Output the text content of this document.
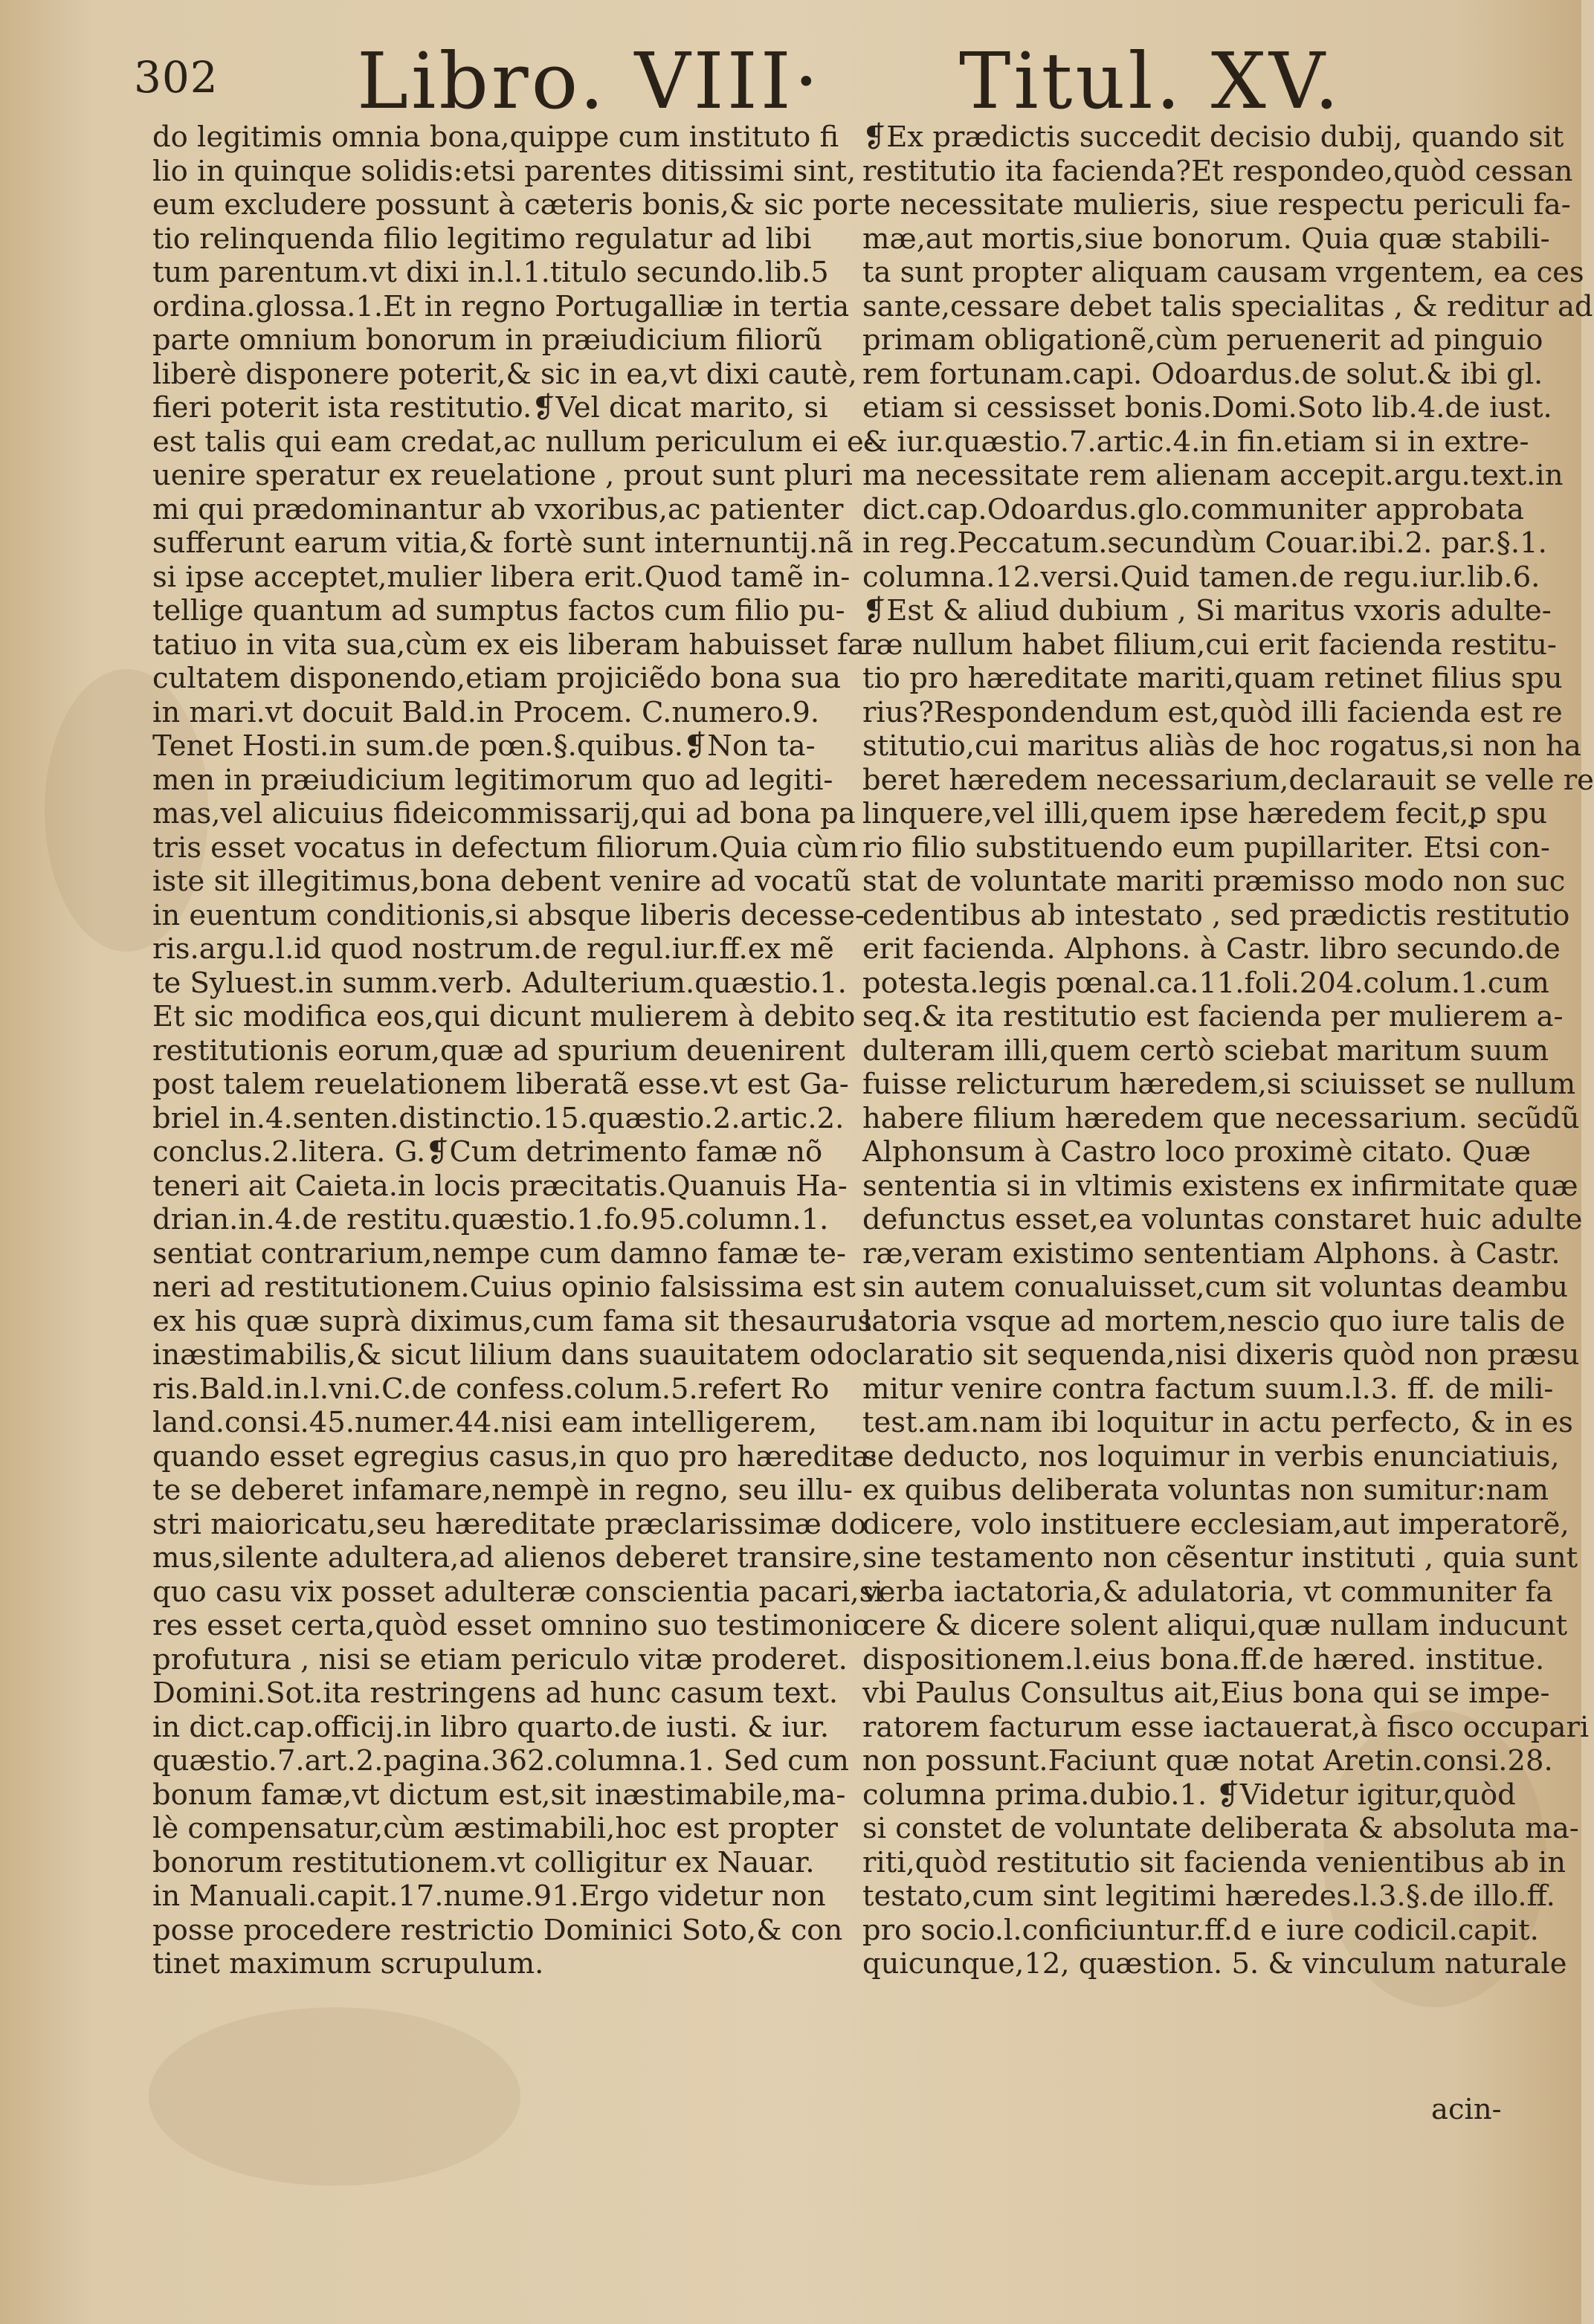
302 Libro. VIII· Titul. XV.
do legitimis omnia bona,quippe cum instituto fi
lio in quinque solidis:etsi parentes ditissimi sint,
eum excludere possunt à cæteris bonis,& sic por
tio relinquenda filio legitimo regulatur ad libi
tum parentum.vt dixi in.l.1.titulo secundo.lib.5
ordina.glossa.1.Et in regno Portugalliæ in tertia
parte omnium bonorum in præiudicium filiorũ
liberè disponere poterit,& sic in ea,vt dixi cautè,
fieri poterit ista restitutio.❡Vel dicat marito, si
est talis qui eam credat,ac nullum periculum ei e-
uenire speratur ex reuelatione , prout sunt pluri
mi qui prædominantur ab vxoribus,ac patienter
sufferunt earum vitia,& fortè sunt internuntij.nã
si ipse acceptet,mulier libera erit.Quod tamẽ in-
tellige quantum ad sumptus factos cum filio pu-
tatiuo in vita sua,cùm ex eis liberam habuisset fa
cultatem disponendo,etiam projiciẽdo bona sua
in mari.vt docuit Bald.in Procem. C.numero.9.
Tenet Hosti.in sum.de pœn.§.quibus.❡Non ta-
men in præiudicium legitimorum quo ad legiti-
mas,vel alicuius fideicommissarij,qui ad bona pa
tris esset vocatus in defectum filiorum.Quia cùm
iste sit illegitimus,bona debent venire ad vocatũ
in euentum conditionis,si absque liberis decesse-
ris.argu.l.id quod nostrum.de regul.iur.ff.ex mẽ
te Syluest.in summ.verb. Adulterium.quæstio.1.
Et sic modifica eos,qui dicunt mulierem à debito
restitutionis eorum,quæ ad spurium deuenirent
post talem reuelationem liberatã esse.vt est Ga-
briel in.4.senten.distinctio.15.quæstio.2.artic.2.
conclus.2.litera. G.❡Cum detrimento famæ nõ
teneri ait Caieta.in locis præcitatis.Quanuis Ha-
drian.in.4.de restitu.quæstio.1.fo.95.column.1.
sentiat contrarium,nempe cum damno famæ te-
neri ad restitutionem.Cuius opinio falsissima est
ex his quæ suprà diximus,cum fama sit thesaurus
inæstimabilis,& sicut lilium dans suauitatem odo
ris.Bald.in.l.vni.C.de confess.colum.5.refert Ro
land.consi.45.numer.44.nisi eam intelligerem,
quando esset egregius casus,in quo pro hæredita·
te se deberet infamare,nempè in regno, seu illu-
stri maioricatu,seu hæreditate præclarissimæ do
mus,silente adultera,ad alienos deberet transire,
quo casu vix posset adulteræ conscientia pacari,si
res esset certa,quòd esset omnino suo testimonio
profutura , nisi se etiam periculo vitæ proderet.
Domini.Sot.ita restringens ad hunc casum text.
in dict.cap.officij.in libro quarto.de iusti. & iur.
quæstio.7.art.2.pagina.362.columna.1. Sed cum
bonum famæ,vt dictum est,sit inæstimabile,ma-
lè compensatur,cùm æstimabili,hoc est propter
bonorum restitutionem.vt colligitur ex Nauar.
in Manuali.capit.17.nume.91.Ergo videtur non
posse procedere restrictio Dominici Soto,& con
tinet maximum scrupulum.
❡Ex prædictis succedit decisio dubij, quando sit
restitutio ita facienda?Et respondeo,quòd cessan
te necessitate mulieris, siue respectu periculi fa-
mæ,aut mortis,siue bonorum. Quia quæ stabili-
ta sunt propter aliquam causam vrgentem, ea ces
sante,cessare debet talis specialitas , & reditur ad
primam obligationẽ,cùm peruenerit ad pinguio
rem fortunam.capi. Odoardus.de solut.& ibi gl.
etiam si cessisset bonis.Domi.Soto lib.4.de iust.
& iur.quæstio.7.artic.4.in fin.etiam si in extre-
ma necessitate rem alienam accepit.argu.text.in
dict.cap.Odoardus.glo.communiter approbata
in reg.Peccatum.secundùm Couar.ibi.2. par.§.1.
columna.12.versi.Quid tamen.de regu.iur.lib.6.
❡Est & aliud dubium , Si maritus vxoris adulte-
ræ nullum habet filium,cui erit facienda restitu-
tio pro hæreditate mariti,quam retinet filius spu
rius?Respondendum est,quòd illi facienda est re
stitutio,cui maritus aliàs de hoc rogatus,si non ha
beret hæredem necessarium,declarauit se velle re
linquere,vel illi,quem ipse hæredem fecit,ꝑ spu
rio filio substituendo eum pupillariter. Etsi con-
stat de voluntate mariti præmisso modo non suc
cedentibus ab intestato , sed prædictis restitutio
erit facienda. Alphons. à Castr. libro secundo.de
potesta.legis pœnal.ca.11.foli.204.colum.1.cum
seq.& ita restitutio est facienda per mulierem a-
dulteram illi,quem certò sciebat maritum suum
fuisse relicturum hæredem,si sciuisset se nullum
habere filium hæredem que necessarium. secũdũ
Alphonsum à Castro loco proximè citato. Quæ
sententia si in vltimis existens ex infirmitate quæ
defunctus esset,ea voluntas constaret huic adulte
ræ,veram existimo sententiam Alphons. à Castr.
sin autem conualuisset,cum sit voluntas deambu
latoria vsque ad mortem,nescio quo iure talis de
claratio sit sequenda,nisi dixeris quòd non præsu
mitur venire contra factum suum.l.3. ff. de mili-
test.am.nam ibi loquitur in actu perfecto, & in es
se deducto, nos loquimur in verbis enunciatiuis,
ex quibus deliberata voluntas non sumitur:nam
dicere, volo instituere ecclesiam,aut imperatorẽ,
sine testamento non cẽsentur instituti , quia sunt
verba iactatoria,& adulatoria, vt communiter fa
cere & dicere solent aliqui,quæ nullam inducunt
dispositionem.l.eius bona.ff.de hæred. institue.
vbi Paulus Consultus ait,Eius bona qui se impe-
ratorem facturum esse iactauerat,à fisco occupari
non possunt.Faciunt quæ notat Aretin.consi.28.
columna prima.dubio.1. ❡Videtur igitur,quòd
si constet de voluntate deliberata & absoluta ma-
riti,quòd restitutio sit facienda venientibus ab in
testato,cum sint legitimi hæredes.l.3.§.de illo.ff.
pro socio.l.conficiuntur.ff.d e iure codicil.capit.
quicunque,12, quæstion. 5. & vinculum naturale
acin-
